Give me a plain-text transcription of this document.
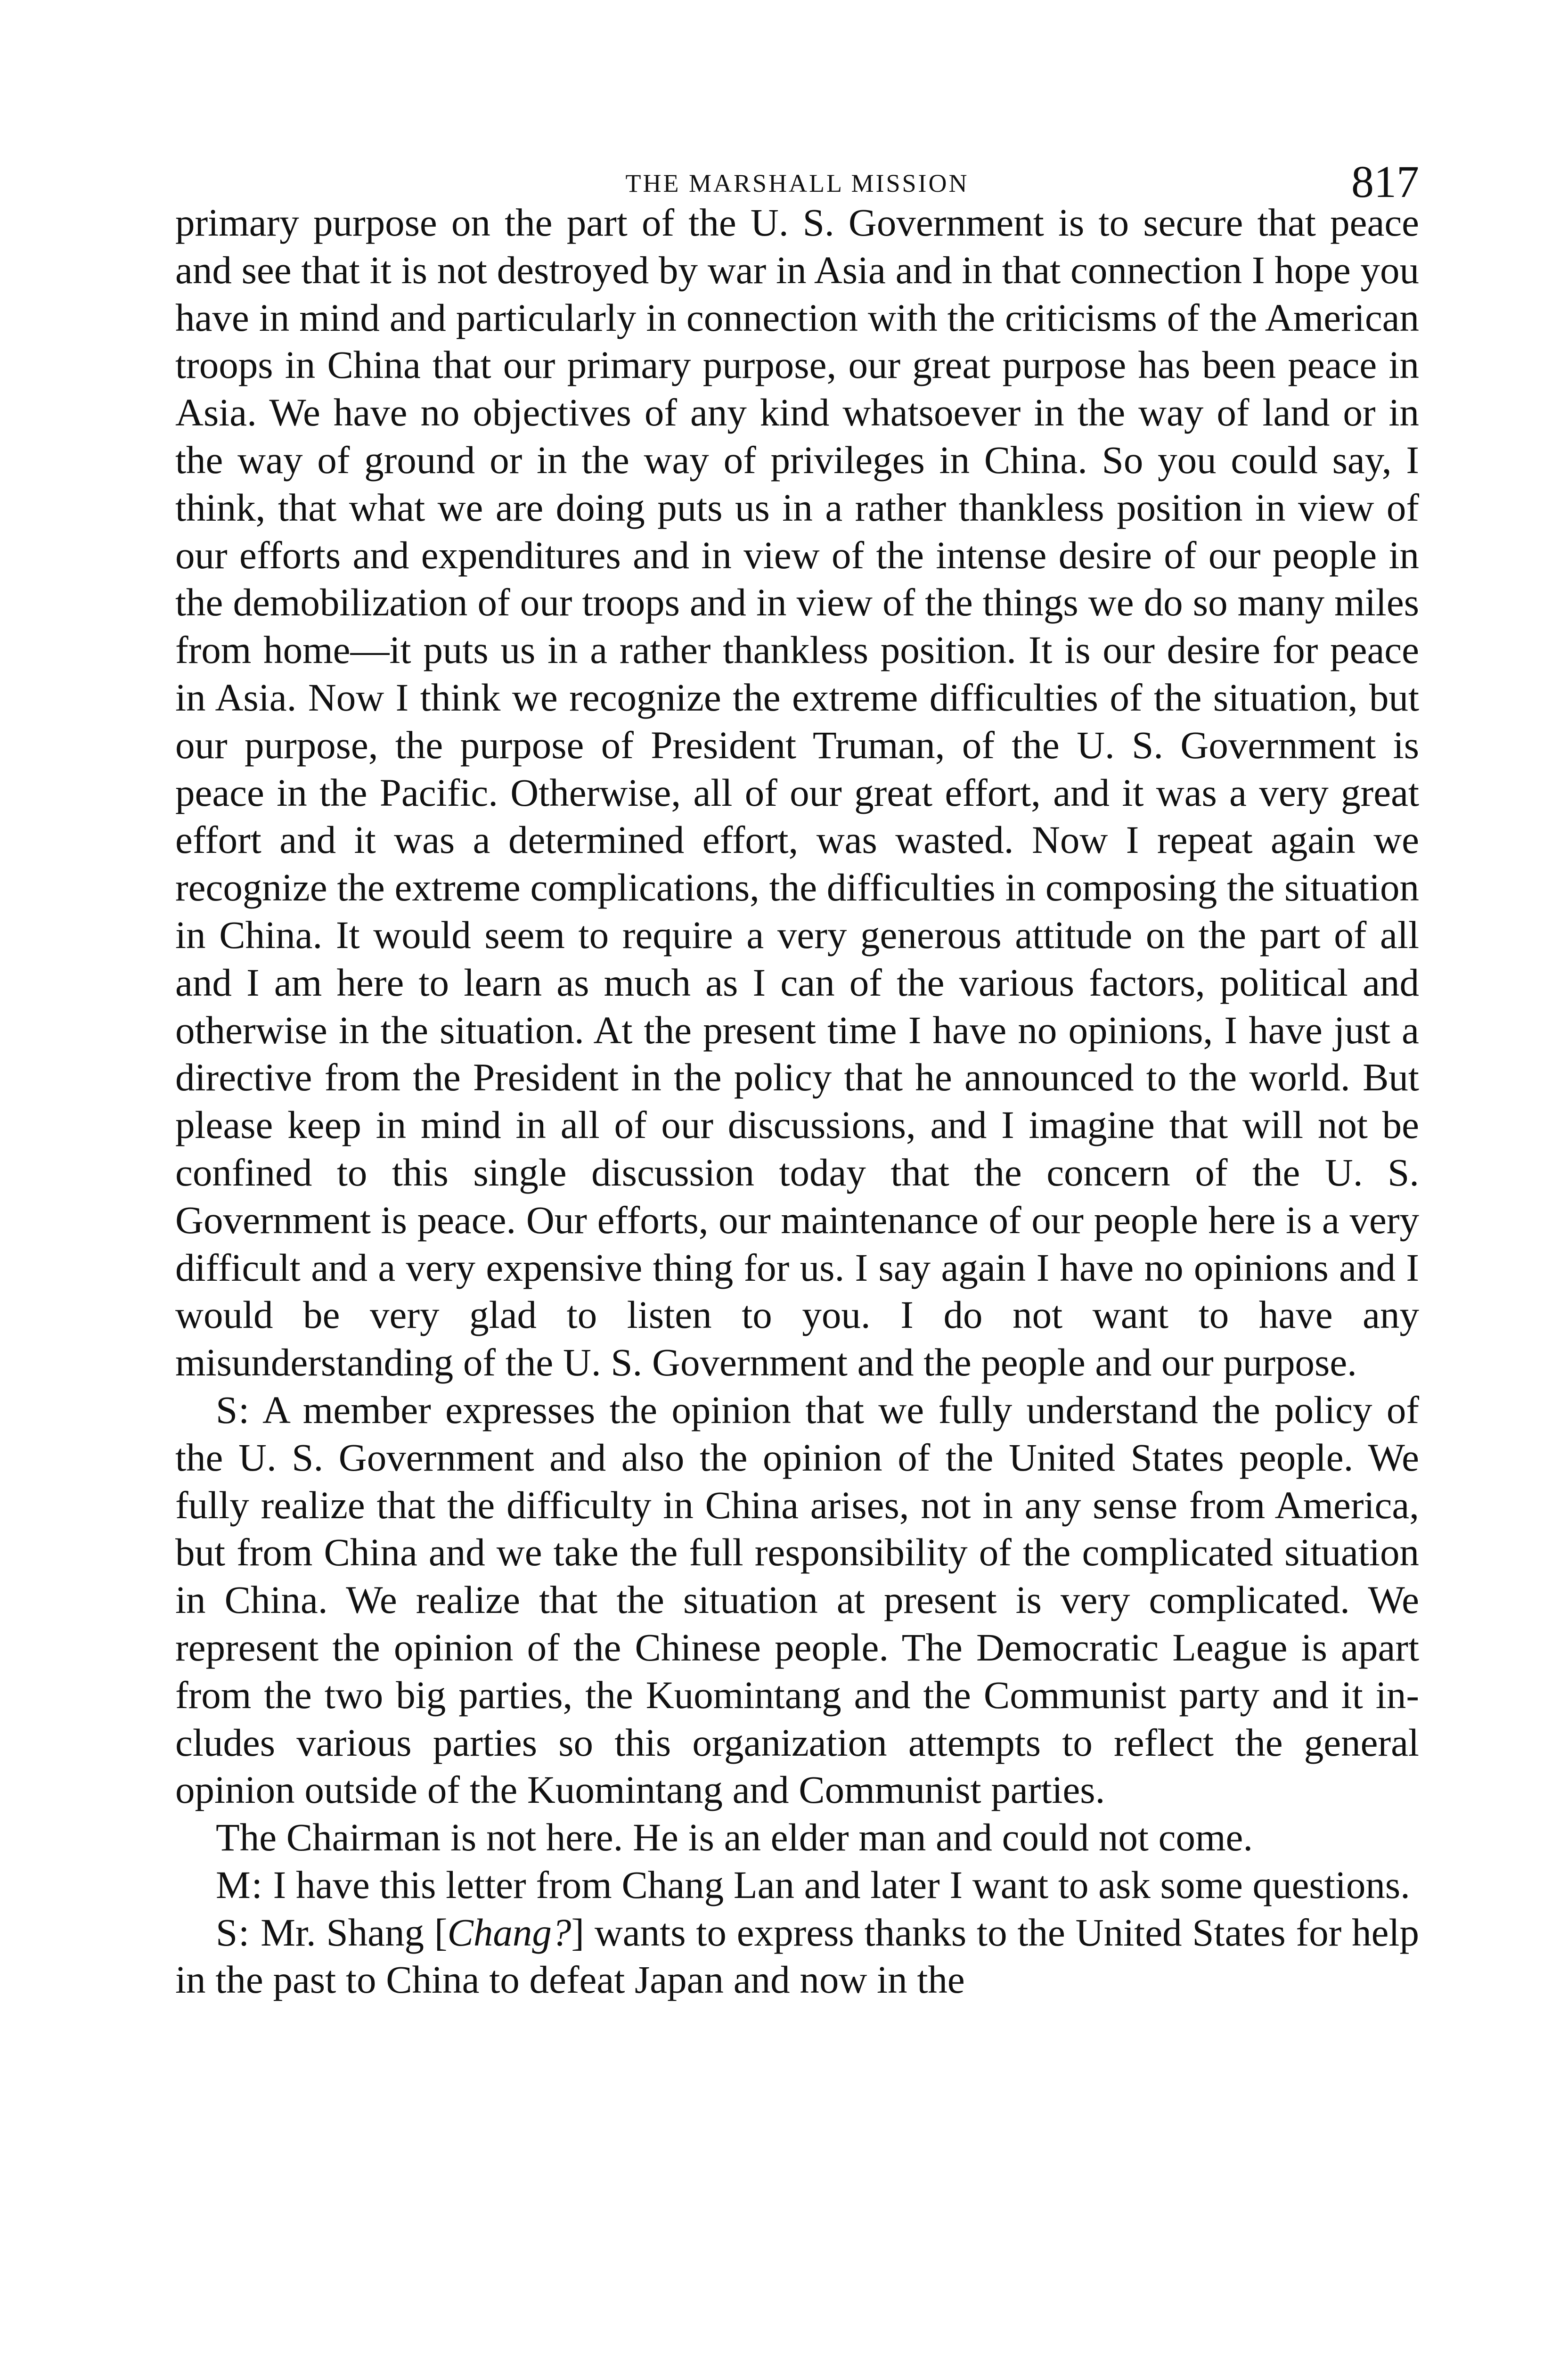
THE MARSHALL MISSION	817

primary purpose on the part of the U. S. Government is to secure that peace and see that it is not destroyed by war in Asia and in that connection I hope you have in mind and particularly in connection with the criticisms of the American troops in China that our primary purpose, our great purpose has been peace in Asia. We have no objectives of any kind whatsoever in the way of land or in the way of ground or in the way of privileges in China. So you could say, I think, that what we are doing puts us in a rather thankless position in view of our efforts and expenditures and in view of the intense desire of our people in the demobilization of our troops and in view of the things we do so many miles from home—it puts us in a rather thankless position. It is our desire for peace in Asia. Now I think we recognize the extreme difficulties of the situation, but our purpose, the purpose of President Truman, of the U. S. Government is peace in the Pacific. Otherwise, all of our great effort, and it was a very great effort and it was a determined effort, was wasted. Now I repeat again we recognize the extreme complications, the difficulties in composing the situation in China. It would seem to require a very generous attitude on the part of all and I am here to learn as much as I can of the various factors, political and otherwise in the situation. At the present time I have no opinions, I have just a directive from the President in the policy that he announced to the world. But please keep in mind in all of our discussions, and I imagine that will not be confined to this single discussion today that the concern of the U. S. Government is peace. Our efforts, our maintenance of our people here is a very difficult and a very expensive thing for us. I say again I have no opinions and I would be very glad to listen to you. I do not want to have any misunderstanding of the U. S. Government and the people and our purpose.

S: A member expresses the opinion that we fully understand the policy of the U. S. Government and also the opinion of the United States people. We fully realize that the difficulty in China arises, not in any sense from America, but from China and we take the full responsibility of the complicated situation in China. We realize that the situation at present is very complicated. We represent the opinion of the Chinese people. The Democratic League is apart from the two big parties, the Kuomintang and the Communist party and it includes various parties so this organization attempts to reflect the general opinion outside of the Kuomintang and Communist parties.

The Chairman is not here. He is an elder man and could not come.

M: I have this letter from Chang Lan and later I want to ask some questions.

S: Mr. Shang [Chang?] wants to express thanks to the United States for help in the past to China to defeat Japan and now in the
